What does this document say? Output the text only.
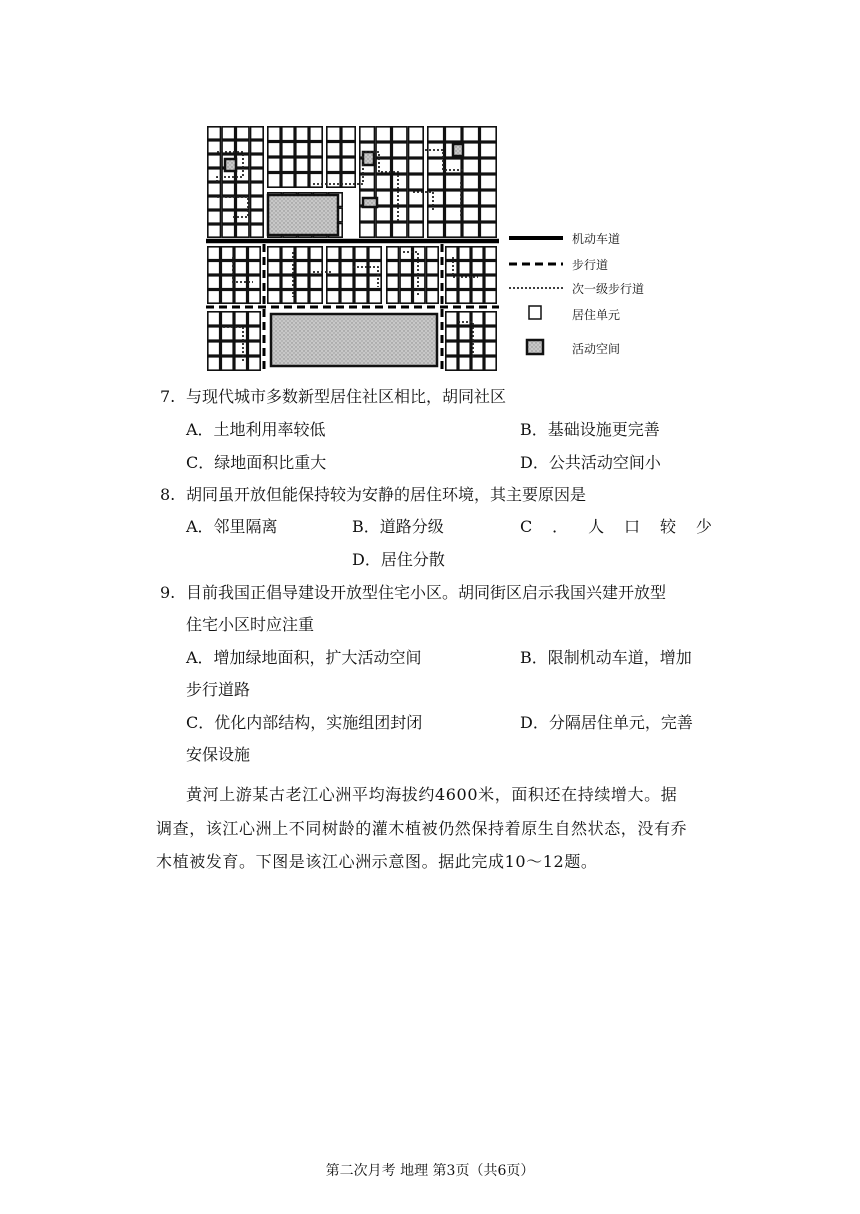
机动车道
步行道
次一级步行道
居住单元
活动空间
7. 与现代城市多数新型居住社区相比，胡同社区
A．土地利用率较低	B．基础设施更完善
C．绿地面积比重大	D．公共活动空间小
8. 胡同虽开放但能保持较为安静的居住环境，其主要原因是
A．邻里隔离	B．道路分级	C ． 人 口 较 少
D．居住分散
9. 目前我国正倡导建设开放型住宅小区。胡同街区启示我国兴建开放型
住宅小区时应注重
A．增加绿地面积，扩大活动空间	B．限制机动车道，增加
步行道路
C．优化内部结构，实施组团封闭	D．分隔居住单元，完善
安保设施
黄河上游某古老江心洲平均海拔约4600米，面积还在持续增大。据
调查，该江心洲上不同树龄的灌木植被仍然保持着原生自然状态，没有乔
木植被发育。下图是该江心洲示意图。据此完成10～12题。
第二次月考 地理 第3页（共6页）
